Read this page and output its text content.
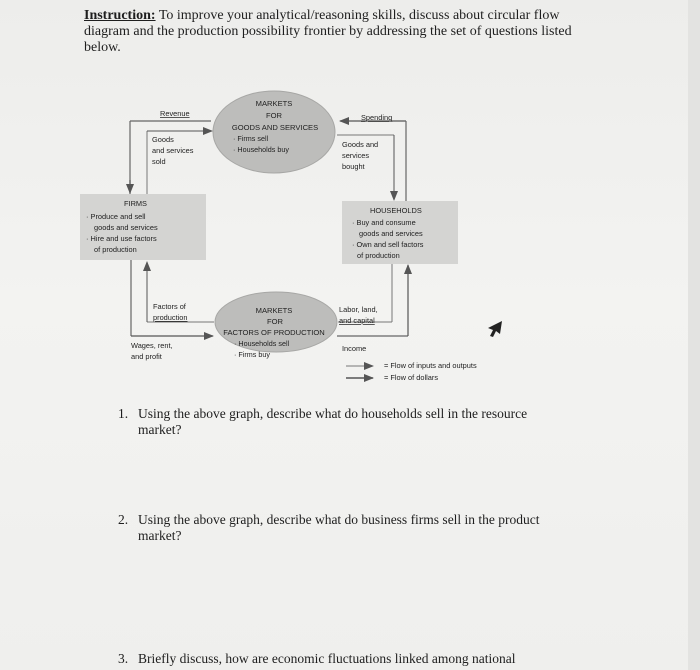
Instruction: To improve your analytical/reasoning skills, discuss about circular flow diagram and the production possibility frontier by addressing the set of questions listed below.
MARKETS
FOR
GOODS AND SERVICES
· Firms sell
· Households buy
MARKETS
FOR
FACTORS OF PRODUCTION
· Households sell
· Firms buy
FIRMS
· Produce and sell
goods and services
· Hire and use factors
of production
HOUSEHOLDS
· Buy and consume
goods and services
· Own and sell factors
of production
Revenue	Spending
Goods
and services
sold
Goods and
services
bought
Factors of
production
Labor, land,
and capital
Wages, rent,
and profit
Income
= Flow of inputs and outputs
= Flow of dollars
1. Using the above graph, describe what do households sell in the resource
market?
2. Using the above graph, describe what do business firms sell in the product
market?
3. Briefly discuss, how are economic fluctuations linked among national
